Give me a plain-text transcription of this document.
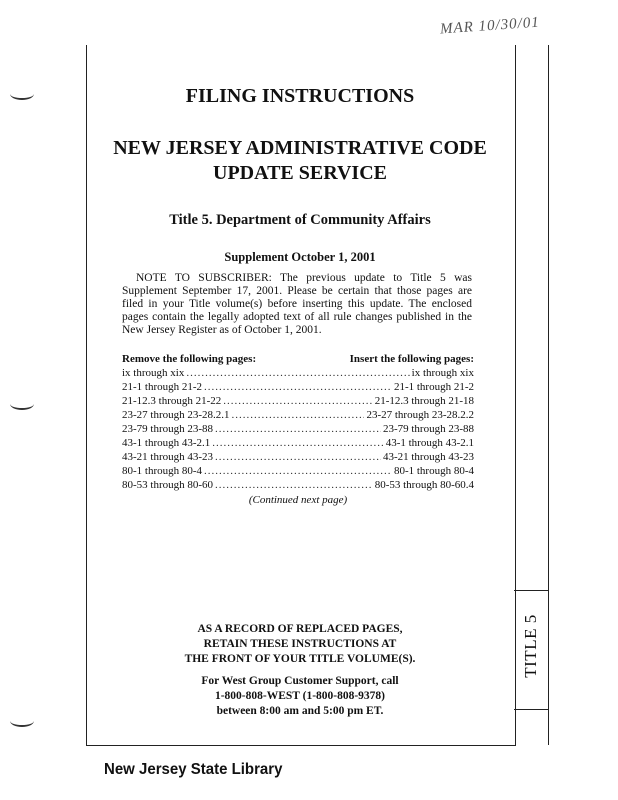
MAR 10/30/01
TITLE 5
FILING INSTRUCTIONS
NEW JERSEY ADMINISTRATIVE CODE
UPDATE SERVICE
Title 5. Department of Community Affairs
Supplement October 1, 2001
NOTE TO SUBSCRIBER: The previous update to Title 5 was Supplement September 17, 2001. Please be certain that those pages are filed in your Title volume(s) before inserting this update. The enclosed pages contain the legally adopted text of all rule changes published in the New Jersey Register as of October 1, 2001.
Remove the following pages:	Insert the following pages:
ix through xix .....	ix through xix
21-1 through 21-2 .....	21-1 through 21-2
21-12.3 through 21-22 .....	21-12.3 through 21-18
23-27 through 23-28.2.1 .....	23-27 through 23-28.2.2
23-79 through 23-88 .....	23-79 through 23-88
43-1 through 43-2.1 .....	43-1 through 43-2.1
43-21 through 43-23 .....	43-21 through 43-23
80-1 through 80-4 .....	80-1 through 80-4
80-53 through 80-60 .....	80-53 through 80-60.4
(Continued next page)
AS A RECORD OF REPLACED PAGES,
RETAIN THESE INSTRUCTIONS AT
THE FRONT OF YOUR TITLE VOLUME(S).
For West Group Customer Support, call
1-800-808-WEST (1-800-808-9378)
between 8:00 am and 5:00 pm ET.
New Jersey State Library
